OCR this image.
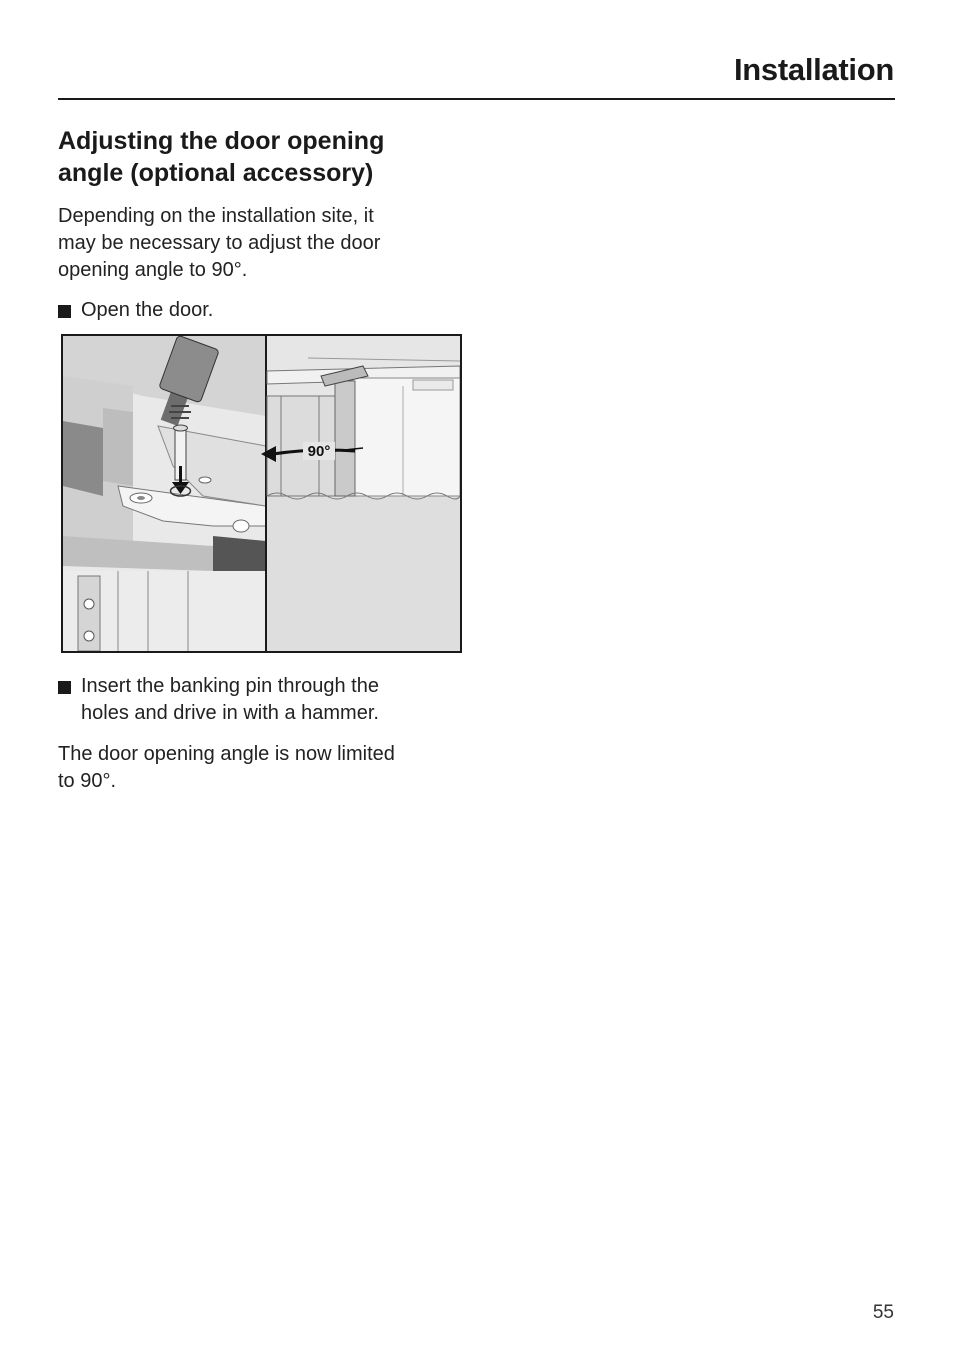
Installation
Adjusting the door opening
angle (optional accessory)
Depending on the installation site, it
may be necessary to adjust the door
opening angle to 90°.
Open the door.
90°
Insert the banking pin through the
holes and drive in with a hammer.
The door opening angle is now limited
to 90°.
55
